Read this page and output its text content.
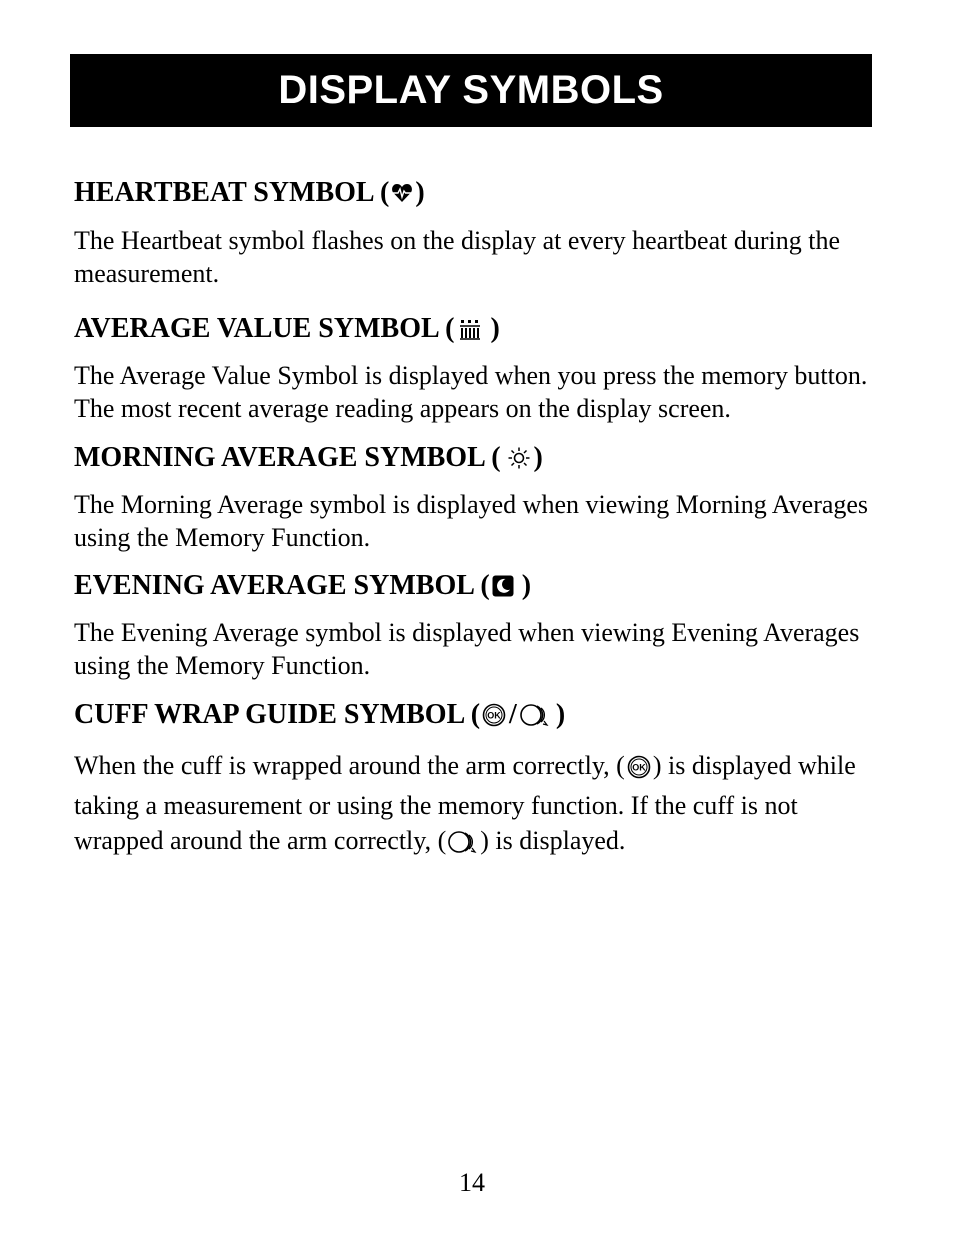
DISPLAY SYMBOLS
HEARTBEAT SYMBOL ( )

The Heartbeat symbol flashes on the display at every heartbeat during the measurement.

AVERAGE VALUE SYMBOL ( )

The Average Value Symbol is displayed when you press the memory button. The most recent average reading appears on the display screen.

MORNING AVERAGE SYMBOL ( )

The Morning Average symbol is displayed when viewing Morning Averages using the Memory Function.

EVENING AVERAGE SYMBOL ( )

The Evening Average symbol is displayed when viewing Evening Averages using the Memory Function.

CUFF WRAP GUIDE SYMBOL ( OK / )

When the cuff is wrapped around the arm correctly, ( OK ) is displayed while taking a measurement or using the memory function. If the cuff is not wrapped around the arm correctly, ( ) is displayed.

14
